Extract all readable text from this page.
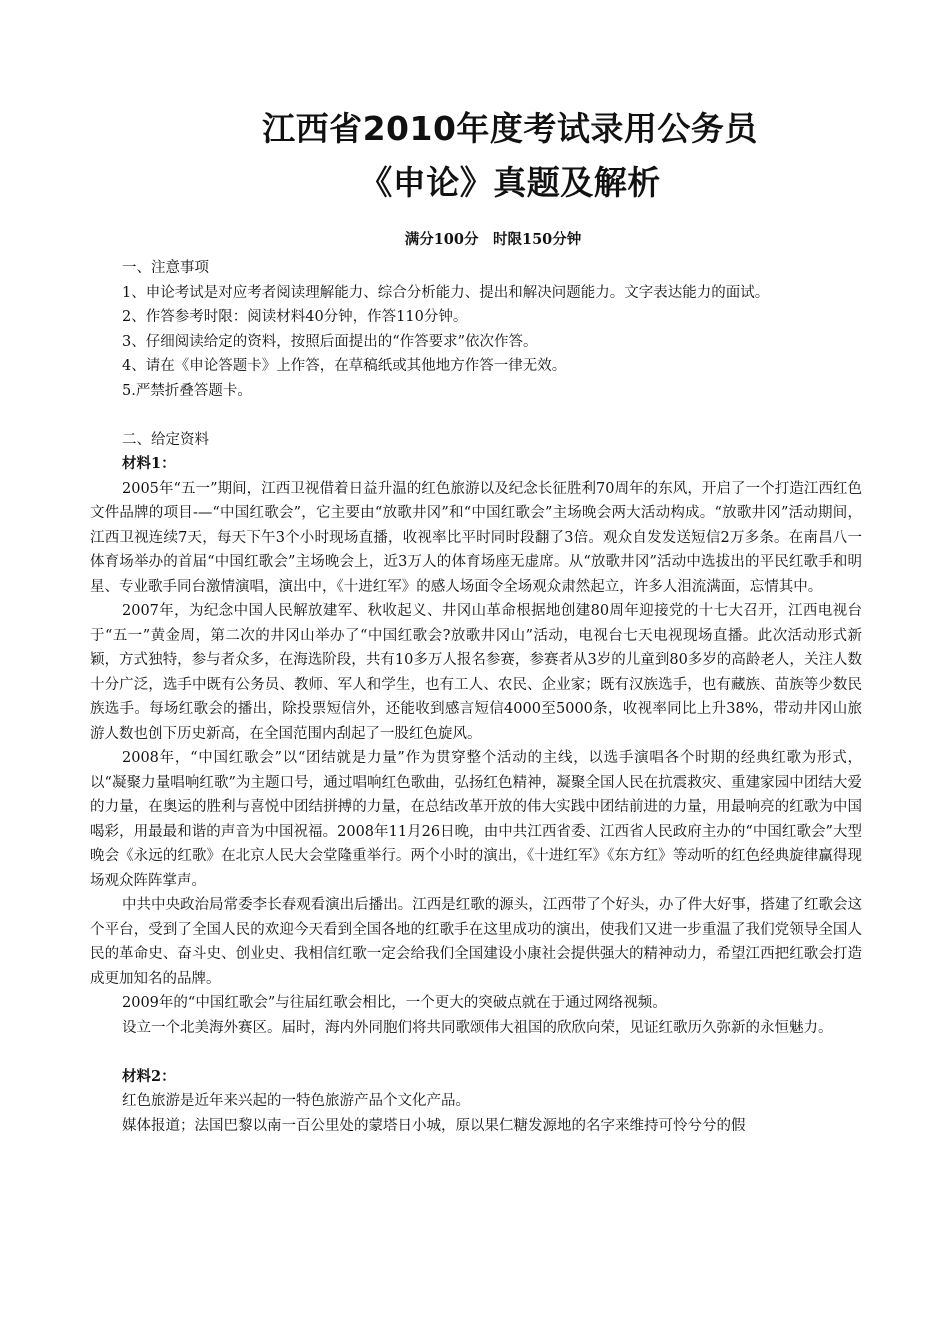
江西省2010年度考试录用公务员
《申论》真题及解析
满分100分　时限150分钟

一、注意事项

1、申论考试是对应考者阅读理解能力、综合分析能力、提出和解决问题能力。文字表达能力的面试。

2、作答参考时限：阅读材料40分钟，作答110分钟。

3、仔细阅读给定的资料，按照后面提出的“作答要求”依次作答。

4、请在《申论答题卡》上作答，在草稿纸或其他地方作答一律无效。

5.严禁折叠答题卡。

二、给定资料

材料1：

2005年“五一”期间，江西卫视借着日益升温的红色旅游以及纪念长征胜利70周年的东风，开启了一个打造江西红色文件品牌的项目-—“中国红歌会”，它主要由“放歌井冈”和“中国红歌会”主场晚会两大活动构成。“放歌井冈”活动期间，江西卫视连续7天，每天下午3个小时现场直播，收视率比平时同时段翻了3倍。观众自发发送短信2万多条。在南昌八一体育场举办的首届“中国红歌会”主场晚会上，近3万人的体育场座无虚席。从“放歌井冈”活动中选拔出的平民红歌手和明星、专业歌手同台激情演唱，演出中，《十进红军》的感人场面令全场观众肃然起立，许多人泪流满面，忘情其中。

2007年，为纪念中国人民解放建军、秋收起义、井冈山革命根据地创建80周年迎接党的十七大召开，江西电视台于“五一”黄金周，第二次的井冈山举办了“中国红歌会?放歌井冈山”活动，电视台七天电视现场直播。此次活动形式新颖，方式独特，参与者众多，在海选阶段，共有10多万人报名参赛，参赛者从3岁的儿童到80多岁的高龄老人，关注人数十分广泛，选手中既有公务员、教师、军人和学生，也有工人、农民、企业家；既有汉族选手，也有藏族、苗族等少数民族选手。每场红歌会的播出，除投票短信外，还能收到感言短信4000至5000条，收视率同比上升38%，带动井冈山旅游人数也创下历史新高，在全国范围内刮起了一股红色旋风。

2008年，“中国红歌会”以“团结就是力量”作为贯穿整个活动的主线，以选手演唱各个时期的经典红歌为形式，以“凝聚力量唱响红歌”为主题口号，通过唱响红色歌曲，弘扬红色精神，凝聚全国人民在抗震救灾、重建家园中团结大爱的力量，在奥运的胜利与喜悦中团结拼搏的力量，在总结改革开放的伟大实践中团结前进的力量，用最响亮的红歌为中国喝彩，用最最和谐的声音为中国祝福。2008年11月26日晚，由中共江西省委、江西省人民政府主办的“中国红歌会”大型晚会《永远的红歌》在北京人民大会堂隆重举行。两个小时的演出，《十进红军》《东方红》等动听的红色经典旋律赢得现场观众阵阵掌声。

中共中央政治局常委李长春观看演出后播出。江西是红歌的源头，江西带了个好头，办了件大好事，搭建了红歌会这个平台，受到了全国人民的欢迎今天看到全国各地的红歌手在这里成功的演出，使我们又进一步重温了我们党领导全国人民的革命史、奋斗史、创业史、我相信红歌一定会给我们全国建设小康社会提供强大的精神动力，希望江西把红歌会打造成更加知名的品牌。

2009年的“中国红歌会”与往届红歌会相比，一个更大的突破点就在于通过网络视频。

设立一个北美海外赛区。届时，海内外同胞们将共同歌颂伟大祖国的欣欣向荣，见证红歌历久弥新的永恒魅力。

材料2：

红色旅游是近年来兴起的一特色旅游产品个文化产品。

媒体报道；法国巴黎以南一百公里处的蒙塔日小城，原以果仁糖发源地的名字来维持可怜兮兮的假
